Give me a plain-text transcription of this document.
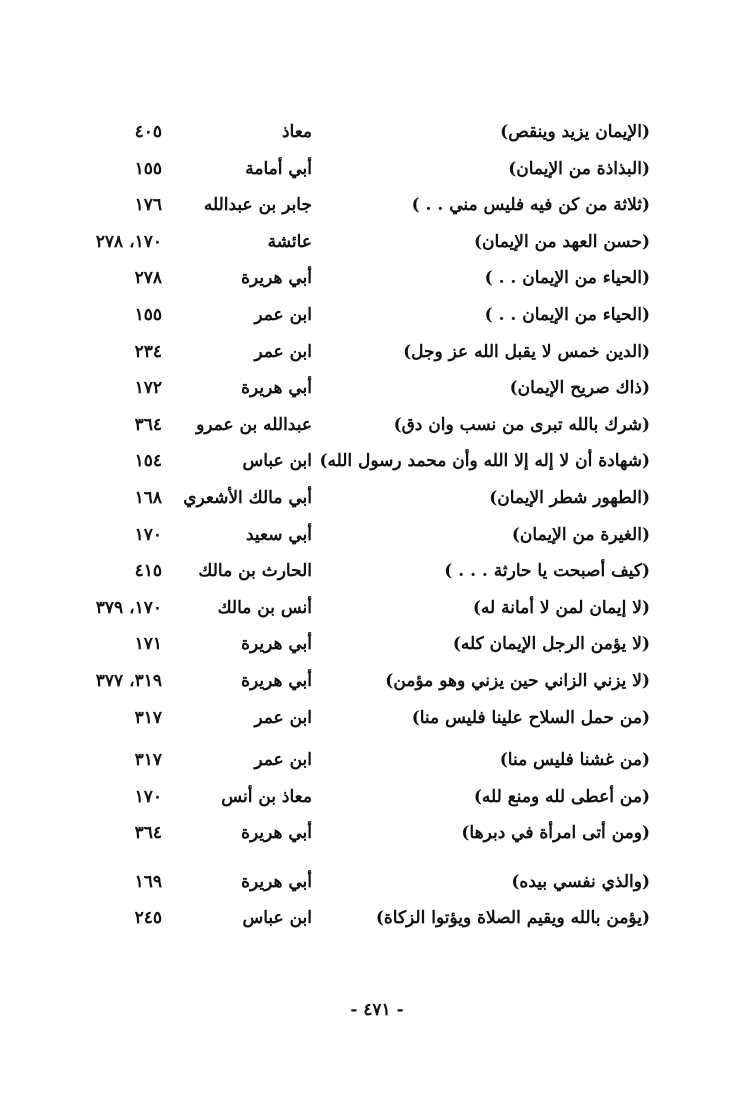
(الإيمان يزيد وينقص)
معاذ
٤٠٥
(البذاذة من الإيمان)
أبي أمامة
١٥٥
(ثلاثة من كن فيه فليس مني . . )
جابر بن عبدالله
١٧٦
(حسن العهد من الإيمان)
عائشة
١٧٠، ٢٧٨
(الحياء من الإيمان . . )
أبي هريرة
٢٧٨
(الحياء من الإيمان . . )
ابن عمر
١٥٥
(الدين خمس لا يقبل الله عز وجل)
ابن عمر
٢٣٤
(ذاك صريح الإيمان)
أبي هريرة
١٧٢
(شرك بالله تبرى من نسب وان دق)
عبدالله بن عمرو
٣٦٤
(شهادة أن لا إله إلا الله وأن محمد رسول الله)
ابن عباس
١٥٤
(الطهور شطر الإيمان)
أبي مالك الأشعري
١٦٨
(الغيرة من الإيمان)
أبي سعيد
١٧٠
(كيف أصبحت يا حارثة . . . )
الحارث بن مالك
٤١٥
(لا إيمان لمن لا أمانة له)
أنس بن مالك
١٧٠، ٣٧٩
(لا يؤمن الرجل الإيمان كله)
أبي هريرة
١٧١
(لا يزني الزاني حين يزني وهو مؤمن)
أبي هريرة
٣١٩، ٣٧٧
(من حمل السلاح علينا فليس منا)
ابن عمر
٣١٧
(من غشنا فليس منا)
ابن عمر
٣١٧
(من أعطى لله ومنع لله)
معاذ بن أنس
١٧٠
(ومن أتى امرأة في دبرها)
أبي هريرة
٣٦٤
(والذي نفسي بيده)
أبي هريرة
١٦٩
(يؤمن بالله ويقيم الصلاة ويؤتوا الزكاة)
ابن عباس
٢٤٥
- ٤٧١ -
